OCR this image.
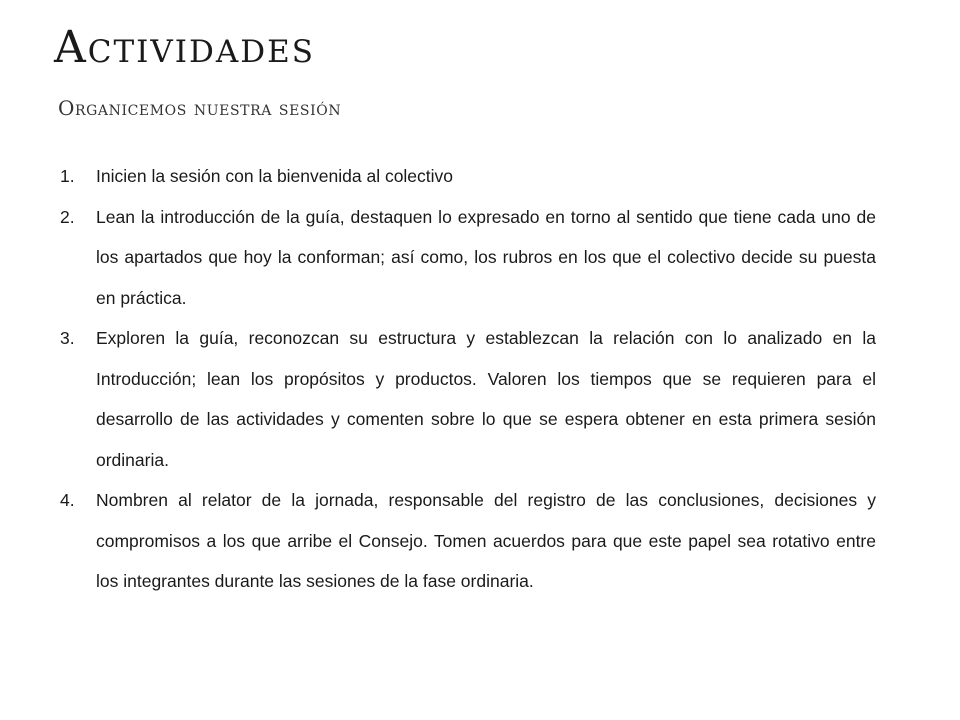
Actividades
Organicemos nuestra sesión
1. Inicien la sesión con la bienvenida al colectivo
2. Lean la introducción de la guía, destaquen lo expresado en torno al sentido que tiene cada uno de los apartados que hoy la conforman; así como, los rubros en los que el colectivo decide su puesta en práctica.
3. Exploren la guía, reconozcan su estructura y establezcan la relación con lo analizado en la Introducción; lean los propósitos y productos. Valoren los tiempos que se requieren para el desarrollo de las actividades y comenten sobre lo que se espera obtener en esta primera sesión ordinaria.
4. Nombren al relator de la jornada, responsable del registro de las conclusiones, decisiones y compromisos a los que arribe el Consejo. Tomen acuerdos para que este papel sea rotativo entre los integrantes durante las sesiones de la fase ordinaria.
